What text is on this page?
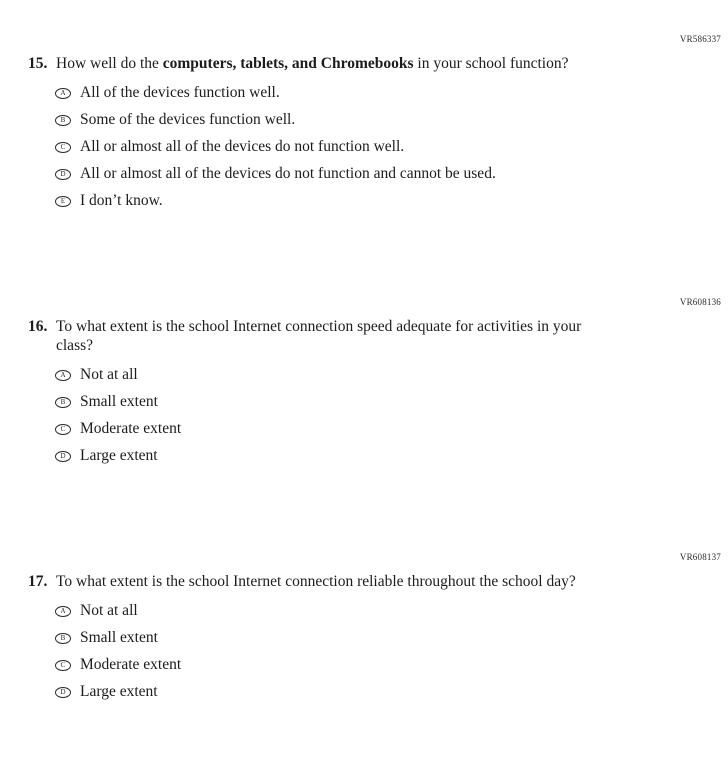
VR586337
15. How well do the computers, tablets, and Chromebooks in your school function?
A All of the devices function well.
B Some of the devices function well.
C All or almost all of the devices do not function well.
D All or almost all of the devices do not function and cannot be used.
E I don’t know.
VR608136
16. To what extent is the school Internet connection speed adequate for activities in your class?
A Not at all
B Small extent
C Moderate extent
D Large extent
VR608137
17. To what extent is the school Internet connection reliable throughout the school day?
A Not at all
B Small extent
C Moderate extent
D Large extent
